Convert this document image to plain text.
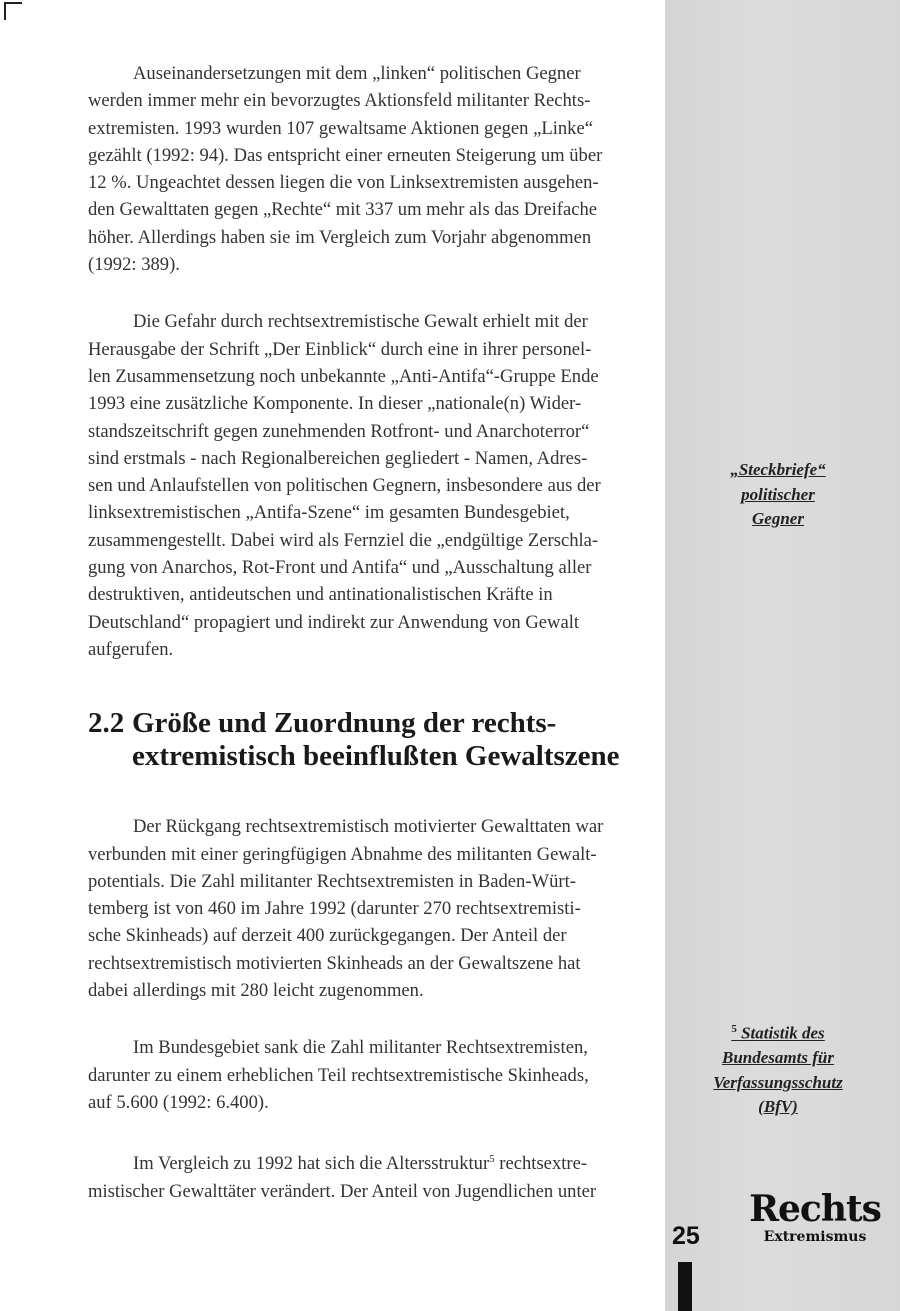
Auseinandersetzungen mit dem „linken“ politischen Gegner
werden immer mehr ein bevorzugtes Aktionsfeld militanter Rechts-
extremisten. 1993 wurden 107 gewaltsame Aktionen gegen „Linke“
gezählt (1992: 94). Das entspricht einer erneuten Steigerung um über
12 %. Ungeachtet dessen liegen die von Linksextremisten ausgehen-
den Gewalttaten gegen „Rechte“ mit 337 um mehr als das Dreifache
höher. Allerdings haben sie im Vergleich zum Vorjahr abgenommen
(1992: 389).

Die Gefahr durch rechtsextremistische Gewalt erhielt mit der
Herausgabe der Schrift „Der Einblick“ durch eine in ihrer personel-
len Zusammensetzung noch unbekannte „Anti-Antifa“-Gruppe Ende
1993 eine zusätzliche Komponente. In dieser „nationale(n) Wider-
standszeitschrift gegen zunehmenden Rotfront- und Anarchoterror“
sind erstmals - nach Regionalbereichen gegliedert - Namen, Adres-
sen und Anlaufstellen von politischen Gegnern, insbesondere aus der
linksextremistischen „Antifa-Szene“ im gesamten Bundesgebiet,
zusammengestellt. Dabei wird als Fernziel die „endgültige Zerschla-
gung von Anarchos, Rot-Front und Antifa“ und „Ausschaltung aller
destruktiven, antideutschen und antinationalistischen Kräfte in
Deutschland“ propagiert und indirekt zur Anwendung von Gewalt
aufgerufen.

2.2 Größe und Zuordnung der rechts-
extremistisch beeinflußten Gewaltszene

Der Rückgang rechtsextremistisch motivierter Gewalttaten war
verbunden mit einer geringfügigen Abnahme des militanten Gewalt-
potentials. Die Zahl militanter Rechtsextremisten in Baden-Würt-
temberg ist von 460 im Jahre 1992 (darunter 270 rechtsextremisti-
sche Skinheads) auf derzeit 400 zurückgegangen. Der Anteil der
rechtsextremistisch motivierten Skinheads an der Gewaltszene hat
dabei allerdings mit 280 leicht zugenommen.

Im Bundesgebiet sank die Zahl militanter Rechtsextremisten,
darunter zu einem erheblichen Teil rechtsextremistische Skinheads,
auf 5.600 (1992: 6.400).

Im Vergleich zu 1992 hat sich die Altersstruktur$^5$ rechtsextre-
mistischer Gewalttäter verändert. Der Anteil von Jugendlichen unter

„Steckbriefe“
politischer
Gegner
$^5$ Statistik des
Bundesamts für
Verfassungsschutz
(BfV)
25
Rechts
Extremismus
